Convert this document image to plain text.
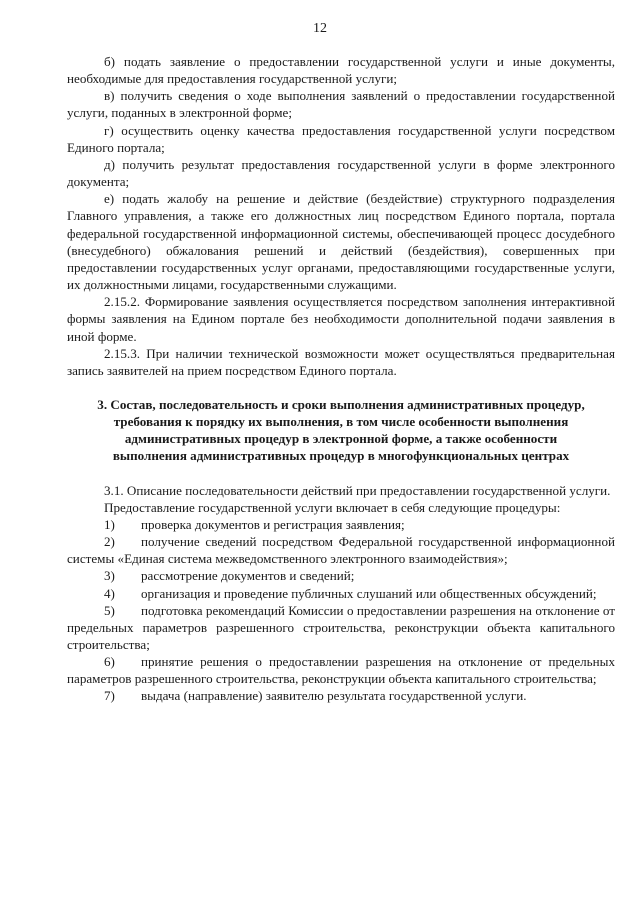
12

б) подать заявление о предоставлении государственной услуги и иные документы, необходимые для предоставления государственной услуги;

в) получить сведения о ходе выполнения заявлений о предоставлении государственной услуги, поданных в электронной форме;

г) осуществить оценку качества предоставления государственной услуги посредством Единого портала;

д) получить результат предоставления государственной услуги в форме электронного документа;

е) подать жалобу на решение и действие (бездействие) структурного подразделения Главного управления, а также его должностных лиц посредством Единого портала, портала федеральной государственной информационной системы, обеспечивающей процесс досудебного (внесудебного) обжалования решений и действий (бездействия), совершенных при предоставлении государственных услуг органами, предоставляющими государственные услуги, их должностными лицами, государственными служащими.

2.15.2. Формирование заявления осуществляется посредством заполнения интерактивной формы заявления на Едином портале без необходимости дополнительной подачи заявления в иной форме.

2.15.3. При наличии технической возможности может осуществляться предварительная запись заявителей на прием посредством Единого портала.

3. Состав, последовательность и сроки выполнения административных процедур, требования к порядку их выполнения, в том числе особенности выполнения административных процедур в электронной форме, а также особенности выполнения административных процедур в многофункциональных центрах

3.1. Описание последовательности действий при предоставлении государственной услуги.

Предоставление государственной услуги включает в себя следующие процедуры:

1) проверка документов и регистрация заявления;

2) получение сведений посредством Федеральной государственной информационной системы «Единая система межведомственного электронного взаимодействия»;

3) рассмотрение документов и сведений;

4) организация и проведение публичных слушаний или общественных обсуждений;

5) подготовка рекомендаций Комиссии о предоставлении разрешения на отклонение от предельных параметров разрешенного строительства, реконструкции объекта капитального строительства;

6) принятие решения о предоставлении разрешения на отклонение от предельных параметров разрешенного строительства, реконструкции объекта капитального строительства;

7) выдача (направление) заявителю результата государственной услуги.
